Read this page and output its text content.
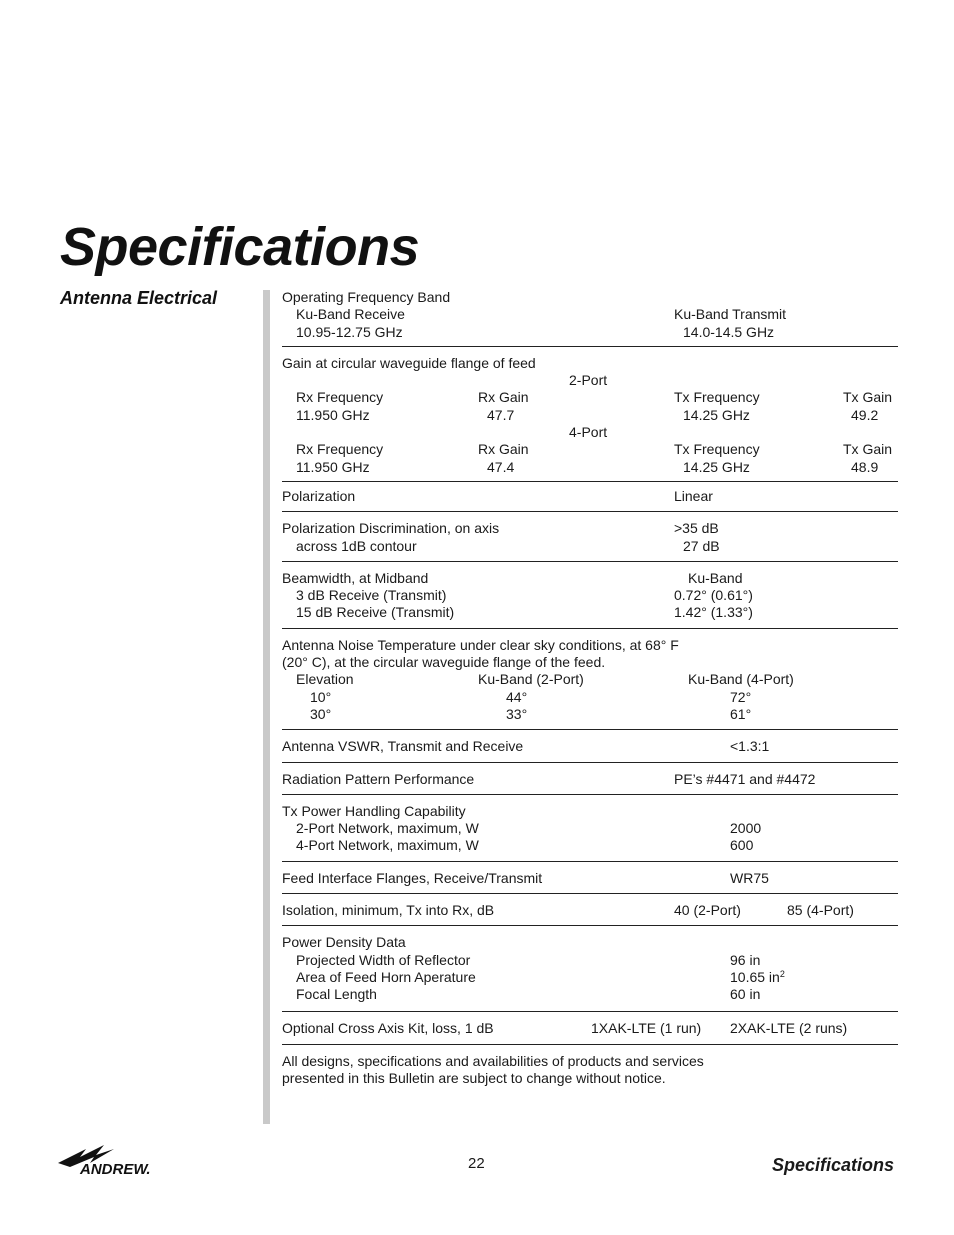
Specifications
Antenna Electrical	Operating Frequency Band
Ku-Band Receive	Ku-Band Transmit
10.95-12.75 GHz	14.0-14.5 GHz
Gain at circular waveguide flange of feed
2-Port
Rx Frequency	Rx Gain	Tx Frequency	Tx Gain
11.950 GHz	47.7	14.25 GHz	49.2
4-Port
Rx Frequency	Rx Gain	Tx Frequency	Tx Gain
11.950 GHz	47.4	14.25 GHz	48.9
Polarization	Linear
Polarization Discrimination, on axis	>35 dB
across 1dB contour	27 dB
Beamwidth, at Midband	Ku-Band
3 dB Receive (Transmit)	0.72° (0.61°)
15 dB Receive (Transmit)	1.42° (1.33°)
Antenna Noise Temperature under clear sky conditions, at 68° F
(20° C), at the circular waveguide flange of the feed.
Elevation	Ku-Band (2-Port)	Ku-Band (4-Port)
10°	44°	72°
30°	33°	61°
Antenna VSWR, Transmit and Receive	<1.3:1
Radiation Pattern Performance	PE’s #4471 and #4472
Tx Power Handling Capability
2-Port Network, maximum, W	2000
4-Port Network, maximum, W	600
Feed Interface Flanges, Receive/Transmit	WR75
Isolation, minimum, Tx into Rx, dB	40 (2-Port)	85 (4-Port)
Power Density Data
Projected Width of Reflector	96 in
Area of Feed Horn Aperature	10.65 $in^2$
Focal Length	60 in
Optional Cross Axis Kit, loss, 1 dB	1XAK-LTE (1 run) 2XAK-LTE (2 runs)
All designs, specifications and availabilities of products and services
presented in this Bulletin are subject to change without notice.
ANDREW.	22	Specifications
